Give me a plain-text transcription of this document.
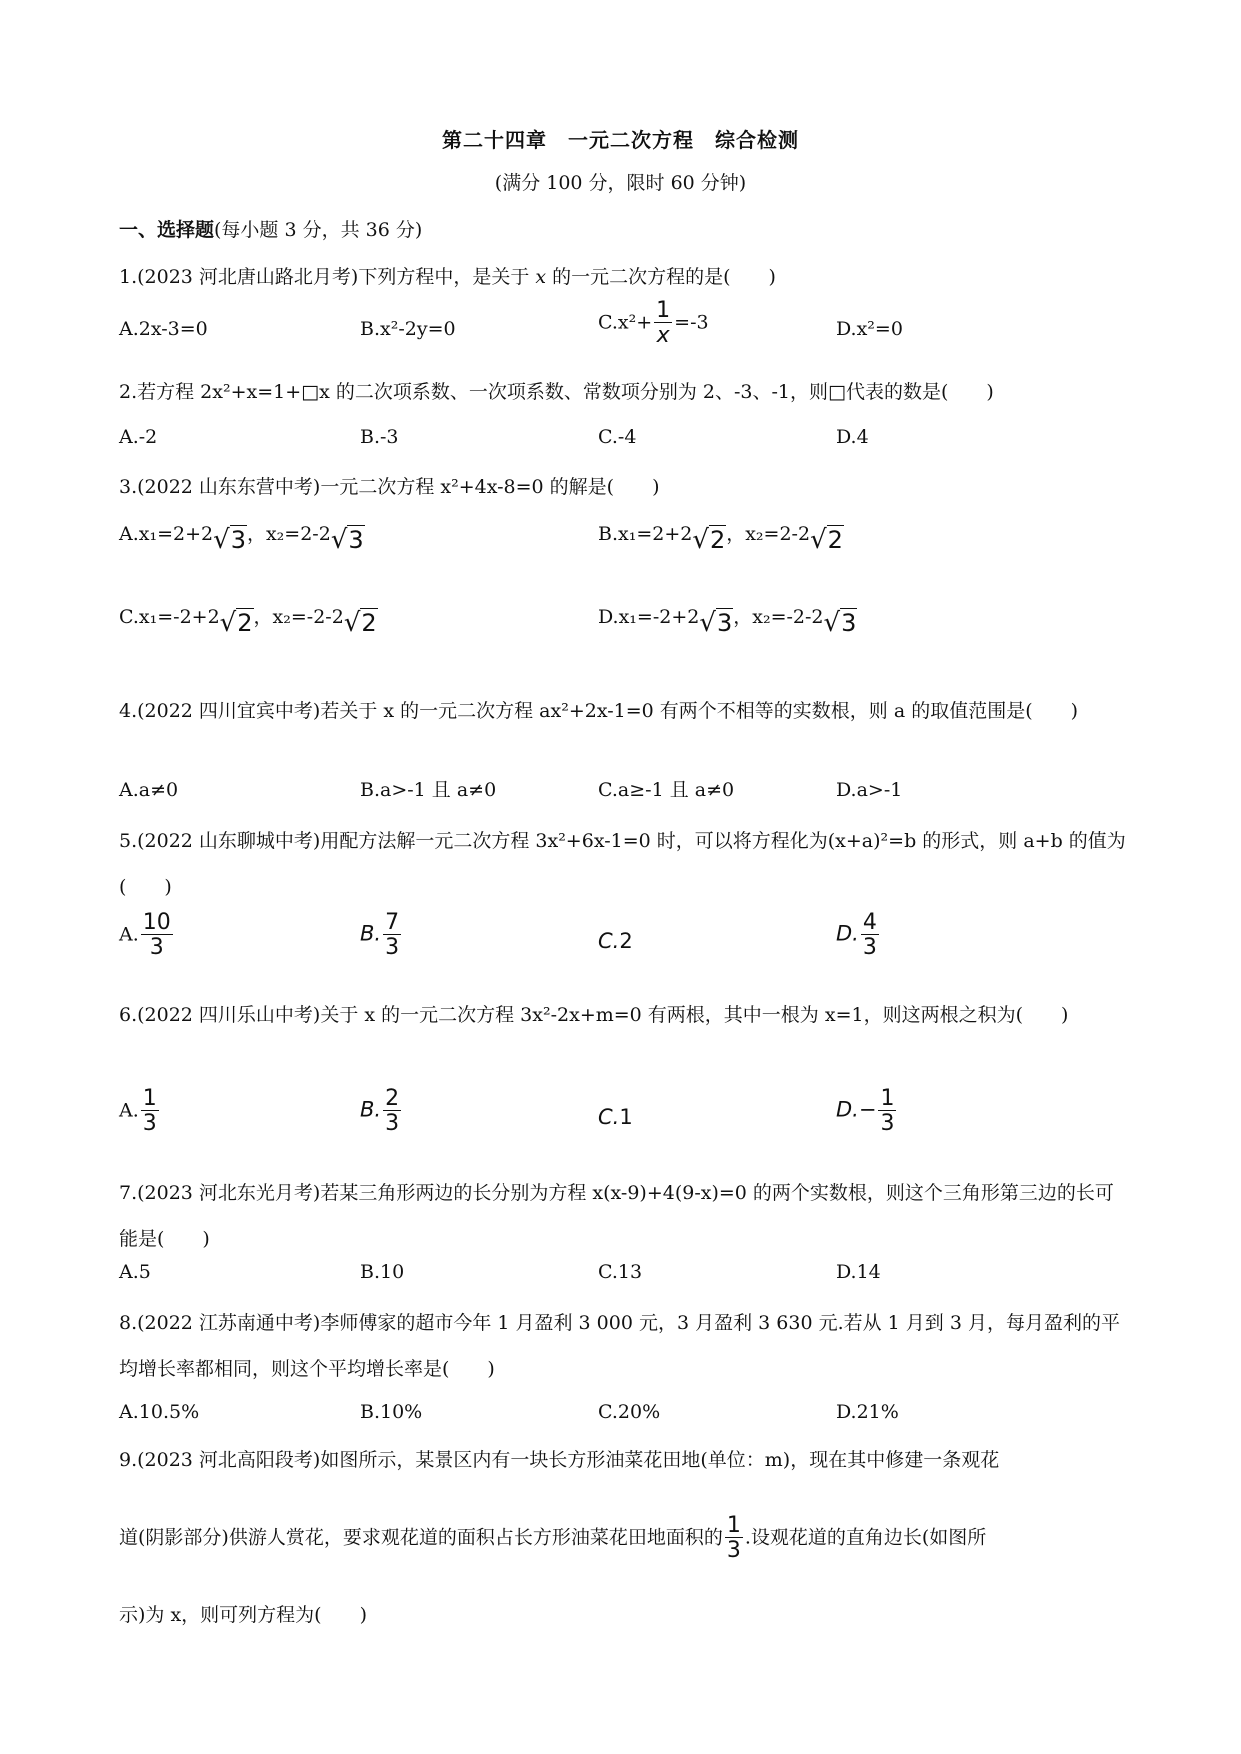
第二十四章　一元二次方程　综合检测
(满分 100 分，限时 60 分钟)
一、选择题(每小题 3 分，共 36 分)
1.(2023 河北唐山路北月考)下列方程中，是关于 x 的一元二次方程的是(　　)
A.2x-3=0	B.x²-2y=0	$C.x^2+ \frac{1}{x} =-3$	D.x²=0
2.若方程 2x²+x=1+□x 的二次项系数、一次项系数、常数项分别为 2、-3、-1，则□代表的数是(　　)
A.-2	B.-3	C.-4	D.4
3.(2022 山东东营中考)一元二次方程 x²+4x-8=0 的解是(　　)
A.x₁=2+2√3，x₂=2-2√3	B.x₁=2+2√2，x₂=2-2√2
C.x₁=-2+2√2，x₂=-2-2√2	D.x₁=-2+2√3，x₂=-2-2√3
4.(2022 四川宜宾中考)若关于 x 的一元二次方程 ax²+2x-1=0 有两个不相等的实数根，则 a 的取值范围是(　　)
A.a≠0	B.a>-1 且 a≠0	C.a≥-1 且 a≠0	D.a>-1
5.(2022 山东聊城中考)用配方法解一元二次方程 3x²+6x-1=0 时，可以将方程化为(x+a)²=b 的形式，则 a+b 的值为(　　)
A. $\frac{10}{3}$	B. $\frac{7}{3}$	C.2	D. $\frac{4}{3}$
6.(2022 四川乐山中考)关于 x 的一元二次方程 3x²-2x+m=0 有两根，其中一根为 x=1，则这两根之积为(　　)
A. $\frac{1}{3}$	B. $\frac{2}{3}$	C.1	$D.- \frac{1}{3}$
7.(2023 河北东光月考)若某三角形两边的长分别为方程 x(x-9)+4(9-x)=0 的两个实数根，则这个三角形第三边的长可能是(　　)
A.5	B.10	C.13	D.14
8.(2022 江苏南通中考)李师傅家的超市今年 1 月盈利 3 000 元，3 月盈利 3 630 元.若从 1 月到 3 月，每月盈利的平均增长率都相同，则这个平均增长率是(　　)
A.10.5%	B.10%	C.20%	D.21%
9.(2023 河北高阳段考)如图所示，某景区内有一块长方形油菜花田地(单位：m)，现在其中修建一条观花
道(阴影部分)供游人赏花，要求观花道的面积占长方形油菜花田地面积的 $\frac{1}{3}$ .设观花道的直角边长(如图所
示)为 x，则可列方程为(　　)
